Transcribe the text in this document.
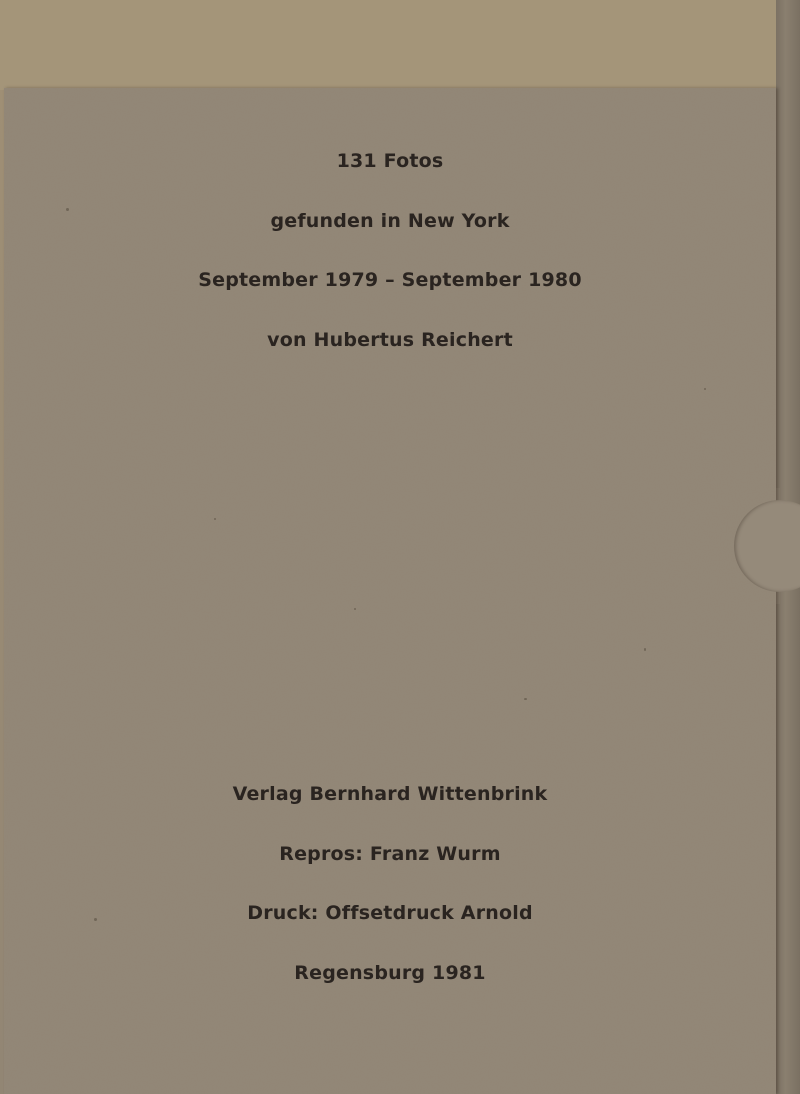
131 Fotos
gefunden in New York
September 1979 – September 1980
von Hubertus Reichert
Verlag Bernhard Wittenbrink
Repros: Franz Wurm
Druck: Offsetdruck Arnold
Regensburg 1981
